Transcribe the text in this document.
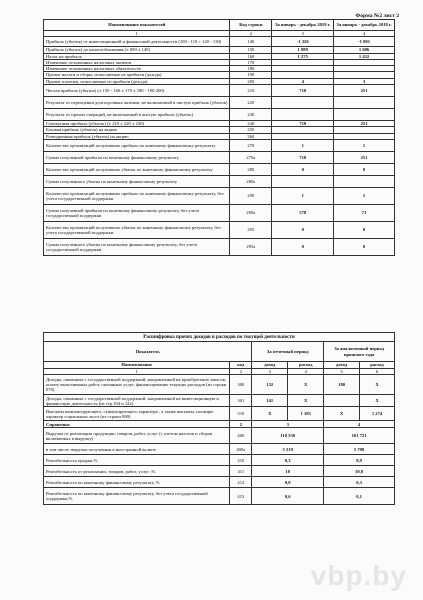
Форма №2 лист 2
Наименование показателей	Код строки	За январь - декабрь 2019 г.	За январь - декабрь 2018 г.
1	2	3	4
Прибыль (убыток) от инвестиционной и финансовой деятельности (100 - 110 + 120 - 130)	140	-1 326	-1 001
Прибыль (убыток) до налогообложения (± 090 ± 140)	150	1 989	1 686
Налог на прибыль	160	1 275	1 432
Изменение отложенных налоговых активов	170		
Изменение отложенных налоговых обязательств	180		
Прочие налоги и сборы, исчисляемые из прибыли (дохода)	190		
Прочие платежи, исчисляемые из прибыли (дохода)	200	4	3
Чистая прибыль (убыток) (± 150 - 160 ± 170 ± 180 - 190-200)	210	710	251
Результат от переоценки долгосрочных активов, не включаемый в чистую прибыль (убыток)	220		
Результат от прочих операций, не включаемый в чистую прибыль (убыток)	230		
Совокупная прибыль (убыток) (± 210 ± 220 ± 230)	240	710	251
Базовая прибыль (убыток) на акцию	250		
Разводненная прибыль (убыток) на акцию	260		
Количество организаций получивших прибыль по конечному финансовому результату	270	1	1
Сумма полученной прибыли по конечному финансовому результату	270а	710	251
Количество организаций получивших убыток по конечному финансовому результату	280	0	0
Сумма полученного убытка по конечному финансовому результату	280а		
Количество организаций получивших прибыль по конечному финансовому результату, без учета государственной поддержки	290	1	1
Сумма полученной прибыли по конечному финансовому результату, без учета государственной поддержки	290а	578	71
Количество организаций получивших убыток по конечному финансовому результату, без учета государственной поддержки	295	0	0
Сумма полученного убытка по конечному финансовому результату, без учета государственной поддержки	295а	0	0
Расшифровка прочих доходов и расходов по текущей деятельности
Показатель		За отчетный период		За аналогичный период прошлого года	
Наименование	код	доход	расход	доход	расход
1	2	3	4	5	6
Доходы, связанные с государственной поддержкой, направленной на приобретение запасов, оплату выполненных работ, оказанных услуг, финансирование текущих расходов (из строки 070)	300	132	X	180	X
Доходы, связанные с государственной поддержкой, направленной на инвестиционную и финансовую деятельность (из стр.104 и 122)	301	141	X		X
Выплаты компенсирующего, стимулирующего характера , а также выплаты, носящие характер социальных льгот (из строки 080)	310	X	1 183	X	1 274
Справочно:	2	3		4	
Выручка от реализации продукции, товаров, работ, услуг (с учетом налогов и сборов включаемых в выручку)	400	110 550		101 721	
в том числе: выручка полученная в иностранной валюте	400а	5 519		5 708	
Рентабельность продаж,%	410	8,3		8,9	
Рентабельность от реализации, товаров, работ, услуг ,%	411	10		10,8	
Рентабельность по конечному финансовому результату, %	412	0,8		0,3	
Рентабельность по конечному финансовому результату, без учета государственной поддержки,%	413	0,6		0,1	
vbp.by
